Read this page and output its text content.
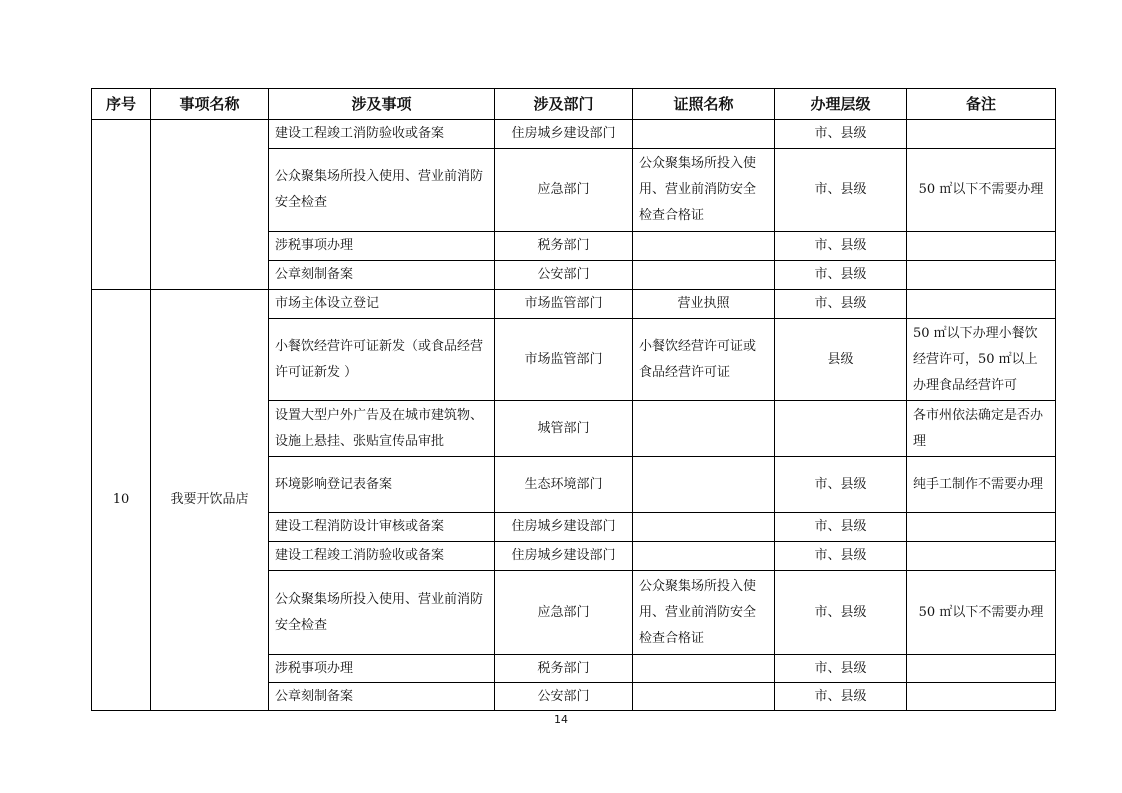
序号	事项名称	涉及事项	涉及部门	证照名称	办理层级	备注
		建设工程竣工消防验收或备案	住房城乡建设部门		市、县级	
		公众聚集场所投入使用、营业前消防安全检查	应急部门	公众聚集场所投入使用、营业前消防安全检查合格证	市、县级	50 ㎡以下不需要办理
		涉税事项办理	税务部门		市、县级	
		公章刻制备案	公安部门		市、县级	
10	我要开饮品店	市场主体设立登记	市场监管部门	营业执照	市、县级	
		小餐饮经营许可证新发（或食品经营许可证新发 ）	市场监管部门	小餐饮经营许可证或食品经营许可证	县级	50 ㎡以下办理小餐饮经营许可，50 ㎡以上办理食品经营许可
		设置大型户外广告及在城市建筑物、设施上悬挂、张贴宣传品审批	城管部门			各市州依法确定是否办理
		环境影响登记表备案	生态环境部门		市、县级	纯手工制作不需要办理
		建设工程消防设计审核或备案	住房城乡建设部门		市、县级	
		建设工程竣工消防验收或备案	住房城乡建设部门		市、县级	
		公众聚集场所投入使用、营业前消防安全检查	应急部门	公众聚集场所投入使用、营业前消防安全检查合格证	市、县级	50 ㎡以下不需要办理
		涉税事项办理	税务部门		市、县级	
		公章刻制备案	公安部门		市、县级	
14
